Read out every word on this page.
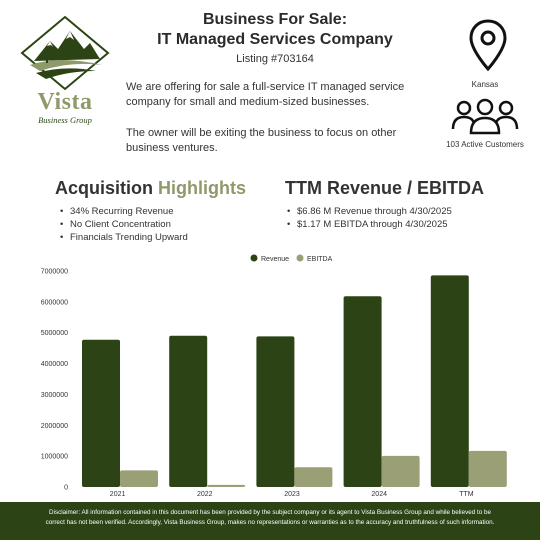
Vista
Business Group
Business For Sale:
IT Managed Services Company
Listing #703164

We are offering for sale a full-service IT managed service company for small and medium-sized businesses.

The owner will be exiting the business to focus on other business ventures.

Kansas
103 Active Customers
Acquisition Highlights TTM Revenue / EBITDA
• 34% Recurring Revenue
• No Client Concentration
• Financials Trending Upward
• $6.86 M Revenue through 4/30/2025
• $1.17 M EBITDA through 4/30/2025
Revenue	EBITDA
0
1000000
2000000
3000000
4000000
5000000
6000000
7000000
2021	2022	2023	2024	TTM
Disclaimer: All information contained in this document has been provided by the subject company or its agent to Vista Business Group and while believed to be
correct has not been verified. Accordingly, Vista Business Group, makes no representations or warranties as to the accuracy and truthfulness of such information.
